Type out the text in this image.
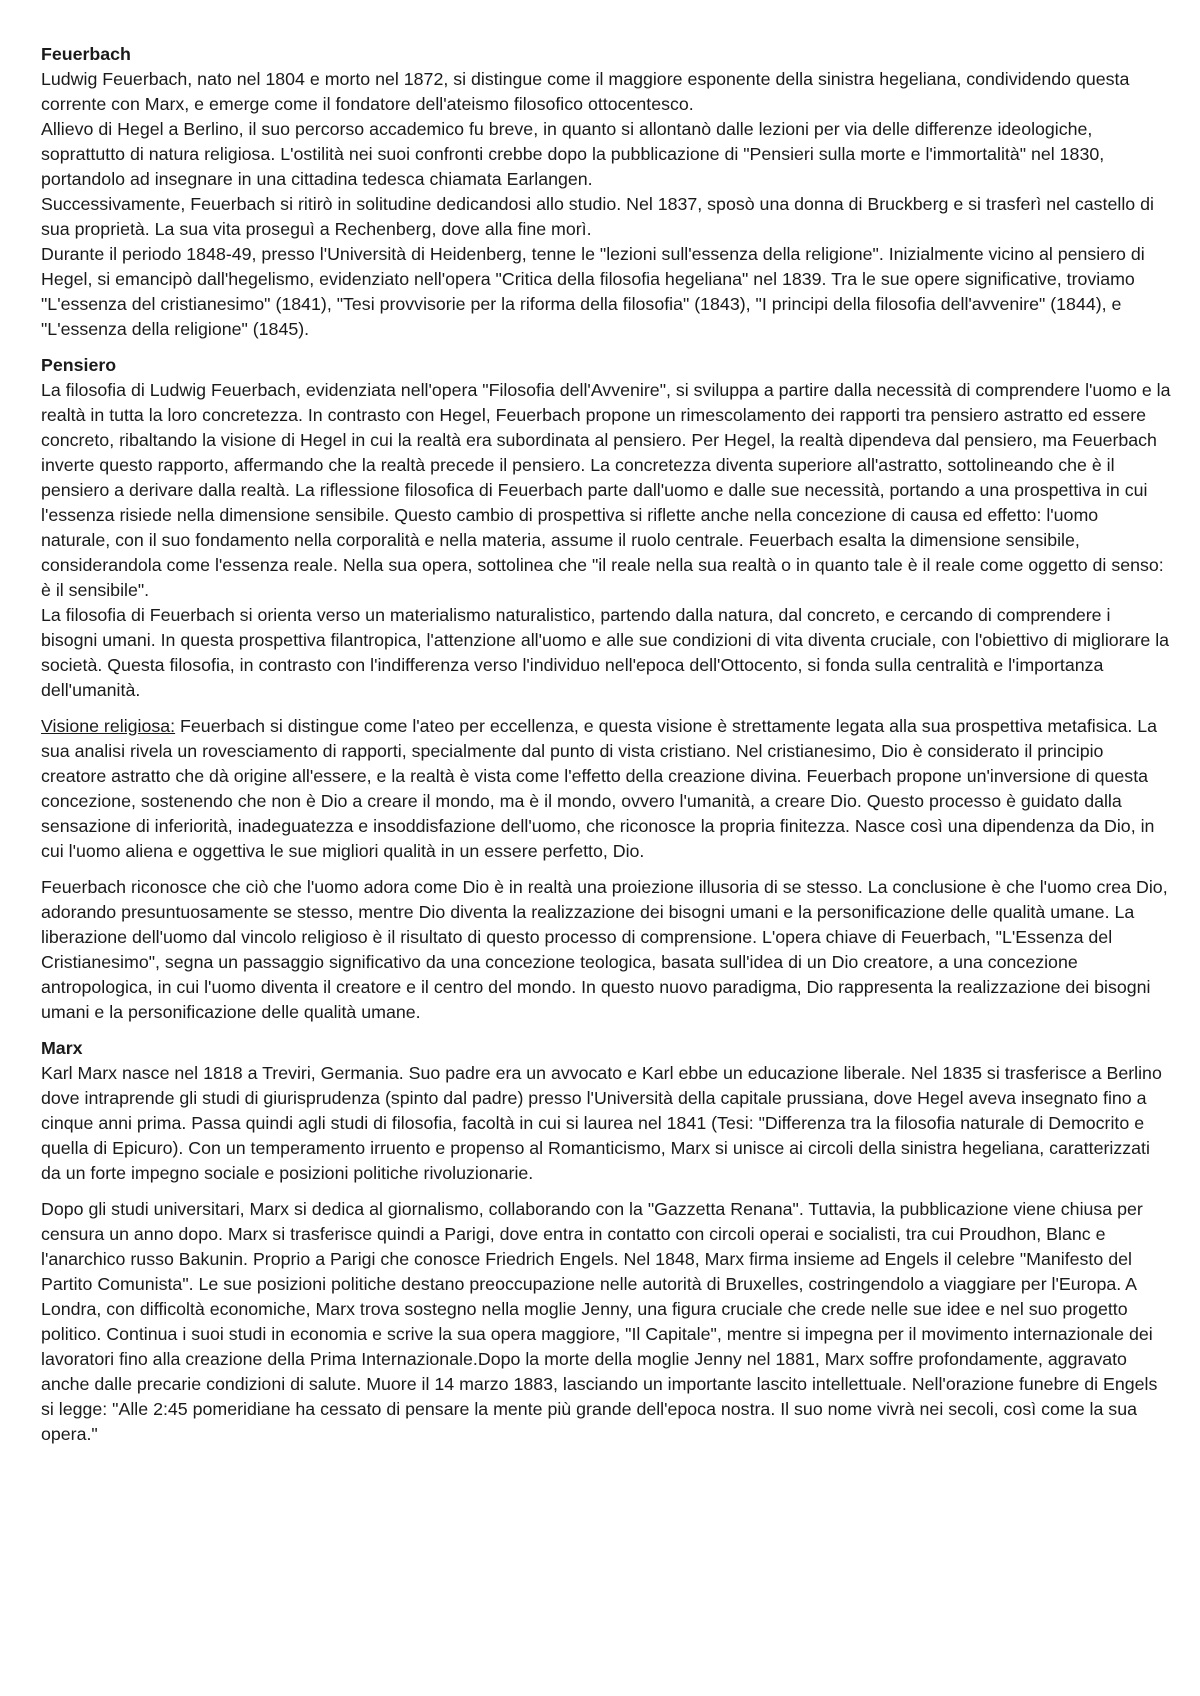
Feuerbach

Ludwig Feuerbach, nato nel 1804 e morto nel 1872, si distingue come il maggiore esponente della sinistra hegeliana, condividendo questa corrente con Marx, e emerge come il fondatore dell'ateismo filosofico ottocentesco.

Allievo di Hegel a Berlino, il suo percorso accademico fu breve, in quanto si allontanò dalle lezioni per via delle differenze ideologiche, soprattutto di natura religiosa. L'ostilità nei suoi confronti crebbe dopo la pubblicazione di "Pensieri sulla morte e l'immortalità" nel 1830, portandolo ad insegnare in una cittadina tedesca chiamata Earlangen.

Successivamente, Feuerbach si ritirò in solitudine dedicandosi allo studio. Nel 1837, sposò una donna di Bruckberg e si trasferì nel castello di sua proprietà. La sua vita proseguì a Rechenberg, dove alla fine morì.

Durante il periodo 1848-49, presso l'Università di Heidenberg, tenne le "lezioni sull'essenza della religione". Inizialmente vicino al pensiero di Hegel, si emancipò dall'hegelismo, evidenziato nell'opera "Critica della filosofia hegeliana" nel 1839. Tra le sue opere significative, troviamo "L'essenza del cristianesimo" (1841), "Tesi provvisorie per la riforma della filosofia" (1843), "I principi della filosofia dell'avvenire" (1844), e "L'essenza della religione" (1845).

Pensiero

La filosofia di Ludwig Feuerbach, evidenziata nell'opera "Filosofia dell'Avvenire", si sviluppa a partire dalla necessità di comprendere l'uomo e la realtà in tutta la loro concretezza. In contrasto con Hegel, Feuerbach propone un rimescolamento dei rapporti tra pensiero astratto ed essere concreto, ribaltando la visione di Hegel in cui la realtà era subordinata al pensiero. Per Hegel, la realtà dipendeva dal pensiero, ma Feuerbach inverte questo rapporto, affermando che la realtà precede il pensiero. La concretezza diventa superiore all'astratto, sottolineando che è il pensiero a derivare dalla realtà. La riflessione filosofica di Feuerbach parte dall'uomo e dalle sue necessità, portando a una prospettiva in cui l'essenza risiede nella dimensione sensibile. Questo cambio di prospettiva si riflette anche nella concezione di causa ed effetto: l'uomo naturale, con il suo fondamento nella corporalità e nella materia, assume il ruolo centrale. Feuerbach esalta la dimensione sensibile, considerandola come l'essenza reale. Nella sua opera, sottolinea che "il reale nella sua realtà o in quanto tale è il reale come oggetto di senso: è il sensibile".

La filosofia di Feuerbach si orienta verso un materialismo naturalistico, partendo dalla natura, dal concreto, e cercando di comprendere i bisogni umani. In questa prospettiva filantropica, l'attenzione all'uomo e alle sue condizioni di vita diventa cruciale, con l'obiettivo di migliorare la società. Questa filosofia, in contrasto con l'indifferenza verso l'individuo nell'epoca dell'Ottocento, si fonda sulla centralità e l'importanza dell'umanità.

Visione religiosa: Feuerbach si distingue come l'ateo per eccellenza, e questa visione è strettamente legata alla sua prospettiva metafisica. La sua analisi rivela un rovesciamento di rapporti, specialmente dal punto di vista cristiano. Nel cristianesimo, Dio è considerato il principio creatore astratto che dà origine all'essere, e la realtà è vista come l'effetto della creazione divina. Feuerbach propone un'inversione di questa concezione, sostenendo che non è Dio a creare il mondo, ma è il mondo, ovvero l'umanità, a creare Dio. Questo processo è guidato dalla sensazione di inferiorità, inadeguatezza e insoddisfazione dell'uomo, che riconosce la propria finitezza. Nasce così una dipendenza da Dio, in cui l'uomo aliena e oggettiva le sue migliori qualità in un essere perfetto, Dio.

Feuerbach riconosce che ciò che l'uomo adora come Dio è in realtà una proiezione illusoria di se stesso. La conclusione è che l'uomo crea Dio, adorando presuntuosamente se stesso, mentre Dio diventa la realizzazione dei bisogni umani e la personificazione delle qualità umane. La liberazione dell'uomo dal vincolo religioso è il risultato di questo processo di comprensione. L'opera chiave di Feuerbach, "L'Essenza del Cristianesimo", segna un passaggio significativo da una concezione teologica, basata sull'idea di un Dio creatore, a una concezione antropologica, in cui l'uomo diventa il creatore e il centro del mondo. In questo nuovo paradigma, Dio rappresenta la realizzazione dei bisogni umani e la personificazione delle qualità umane.

Marx

Karl Marx nasce nel 1818 a Treviri, Germania. Suo padre era un avvocato e Karl ebbe un educazione liberale. Nel 1835 si trasferisce a Berlino dove intraprende gli studi di giurisprudenza (spinto dal padre) presso l'Università della capitale prussiana, dove Hegel aveva insegnato fino a cinque anni prima. Passa quindi agli studi di filosofia, facoltà in cui si laurea nel 1841 (Tesi: "Differenza tra la filosofia naturale di Democrito e quella di Epicuro). Con un temperamento irruento e propenso al Romanticismo, Marx si unisce ai circoli della sinistra hegeliana, caratterizzati da un forte impegno sociale e posizioni politiche rivoluzionarie.

Dopo gli studi universitari, Marx si dedica al giornalismo, collaborando con la "Gazzetta Renana". Tuttavia, la pubblicazione viene chiusa per censura un anno dopo. Marx si trasferisce quindi a Parigi, dove entra in contatto con circoli operai e socialisti, tra cui Proudhon, Blanc e l'anarchico russo Bakunin. Proprio a Parigi che conosce Friedrich Engels. Nel 1848, Marx firma insieme ad Engels il celebre "Manifesto del Partito Comunista". Le sue posizioni politiche destano preoccupazione nelle autorità di Bruxelles, costringendolo a viaggiare per l'Europa. A Londra, con difficoltà economiche, Marx trova sostegno nella moglie Jenny, una figura cruciale che crede nelle sue idee e nel suo progetto politico. Continua i suoi studi in economia e scrive la sua opera maggiore, "Il Capitale", mentre si impegna per il movimento internazionale dei lavoratori fino alla creazione della Prima Internazionale.Dopo la morte della moglie Jenny nel 1881, Marx soffre profondamente, aggravato anche dalle precarie condizioni di salute. Muore il 14 marzo 1883, lasciando un importante lascito intellettuale. Nell'orazione funebre di Engels si legge: "Alle 2:45 pomeridiane ha cessato di pensare la mente più grande dell'epoca nostra. Il suo nome vivrà nei secoli, così come la sua opera."
